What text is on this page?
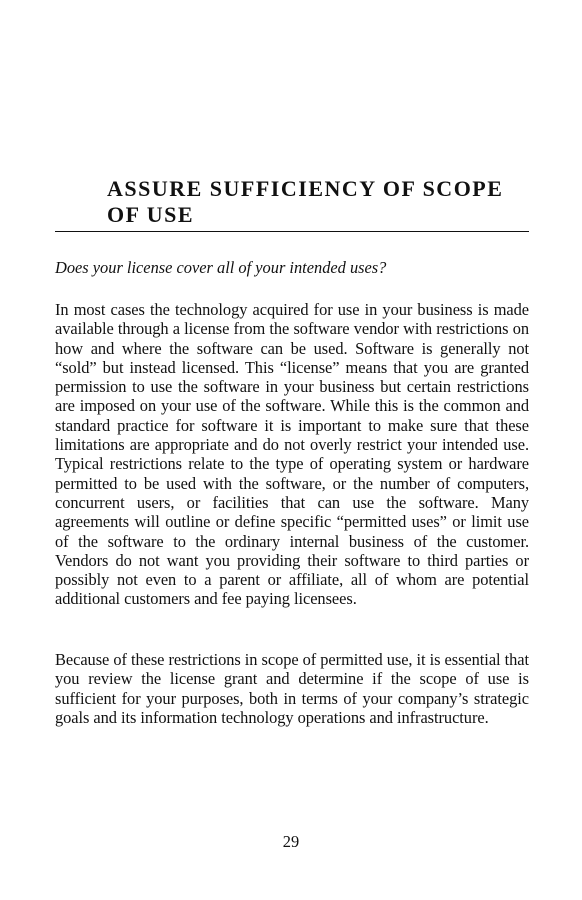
ASSURE SUFFICIENCY OF SCOPE
OF USE
Does your license cover all of your intended uses?

In most cases the technology acquired for use in your business is made available through a license from the software vendor with restrictions on how and where the software can be used. Software is generally not “sold” but instead licensed. This “license” means that you are granted permission to use the software in your business but certain restrictions are imposed on your use of the software. While this is the common and standard practice for software it is important to make sure that these limitations are appropriate and do not overly restrict your intended use. Typical restrictions relate to the type of operating system or hardware permitted to be used with the software, or the number of computers, concurrent users, or facilities that can use the software. Many agreements will outline or define specific “permitted uses” or limit use of the software to the ordinary internal business of the customer. Vendors do not want you providing their software to third parties or possibly not even to a parent or affiliate, all of whom are potential additional customers and fee paying licensees.

Because of these restrictions in scope of permitted use, it is essential that you review the license grant and determine if the scope of use is sufficient for your purposes, both in terms of your company’s strategic goals and its information technology operations and infrastructure.

29
